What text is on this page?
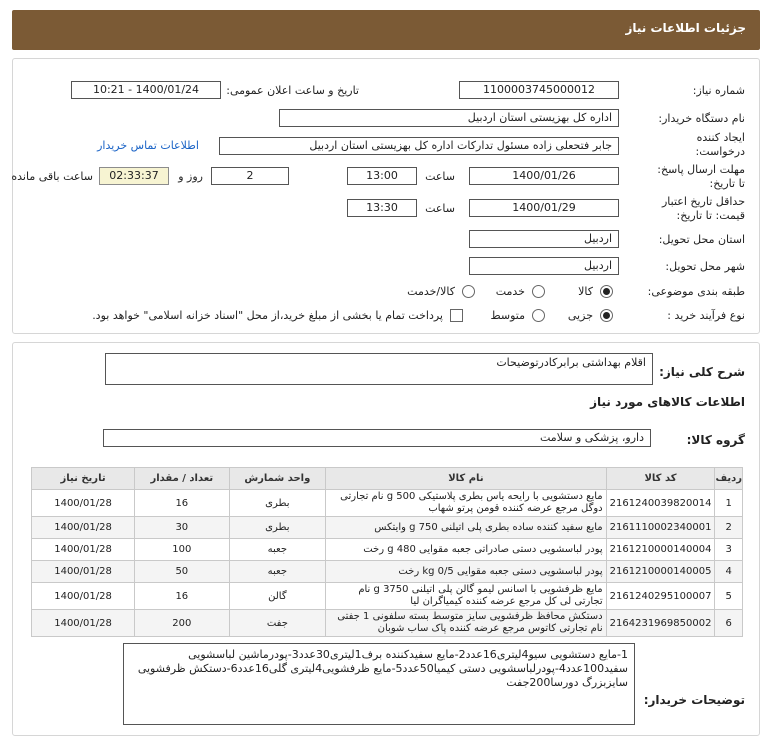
جزئیات اطلاعات نیاز
شماره نیاز:
1100003745000012
تاریخ و ساعت اعلان عمومی:
1400/01/24 - 10:21
نام دستگاه خریدار:
اداره کل بهزیستی استان اردبیل
ایجاد کننده
درخواست:
جابر فتحعلی زاده مسئول تدارکات اداره کل بهزیستی استان اردبیل
اطلاعات تماس خریدار
مهلت ارسال پاسخ:
تا تاریخ:
1400/01/26
ساعت
13:00
2
روز و
02:33:37
ساعت باقی مانده
حداقل تاریخ اعتبار
قیمت: تا تاریخ:
1400/01/29
ساعت
13:30
استان محل تحویل:
اردبیل
شهر محل تحویل:
اردبیل
طبقه بندی موضوعی:
کالا
خدمت
کالا/خدمت
نوع فرآیند خرید :
جزیی
متوسط
پرداخت تمام یا بخشی از مبلغ خرید،از محل "اسناد خزانه اسلامی" خواهد بود.
شرح کلی نیاز:
اقلام بهداشتی برابرکادرتوضیحات
اطلاعات کالاهای مورد نیاز
گروه کالا:
دارو، پزشکی و سلامت
ردیف	کد کالا	نام کالا	واحد شمارش	تعداد / مقدار	تاریخ نیاز
1	2161240039820014	مایع دستشویی با رایحه یاس بطری پلاستیکی 500 g نام تجارتی دوگل مرجع عرضه کننده قومن پرتو شهاب	بطری	16	1400/01/28
2	2161110002340001	مایع سفید کننده ساده بطری پلی اتیلنی 750 g وایتکس	بطری	30	1400/01/28
3	2161210000140004	پودر لباسشویی دستی صادراتی جعبه مقوایی 480 g رخت	جعبه	100	1400/01/28
4	2161210000140005	پودر لباسشویی دستی جعبه مقوایی 0/5 kg رخت	جعبه	50	1400/01/28
5	2161240295100007	مایع ظرفشویی با اسانس لیمو گالن پلی اتیلنی 3750 g نام تجارتی لی کل مرجع عرضه کننده کیمیاگران لیا	گالن	16	1400/01/28
6	2164231969850002	دستکش محافظ ظرفشویی سایز متوسط بسته سلفونی 1 جفتی نام تجارتی کاتوس مرجع عرضه کننده پاک ساب شوبان	جفت	200	1400/01/28
توضیحات خریدار:
1-مایع دستشویی سیو4لیتری16عدد2-مایع سفیدکننده برف1لیتری30عدد3-پودرماشین لباسشویی سفید100عدد4-پودرلباسشویی دستی کیمیا50عدد5-مایع ظرفشویی4لیتری گلی16عدد6-دستکش ظرفشویی سایزبزرگ دورسا200جفت
